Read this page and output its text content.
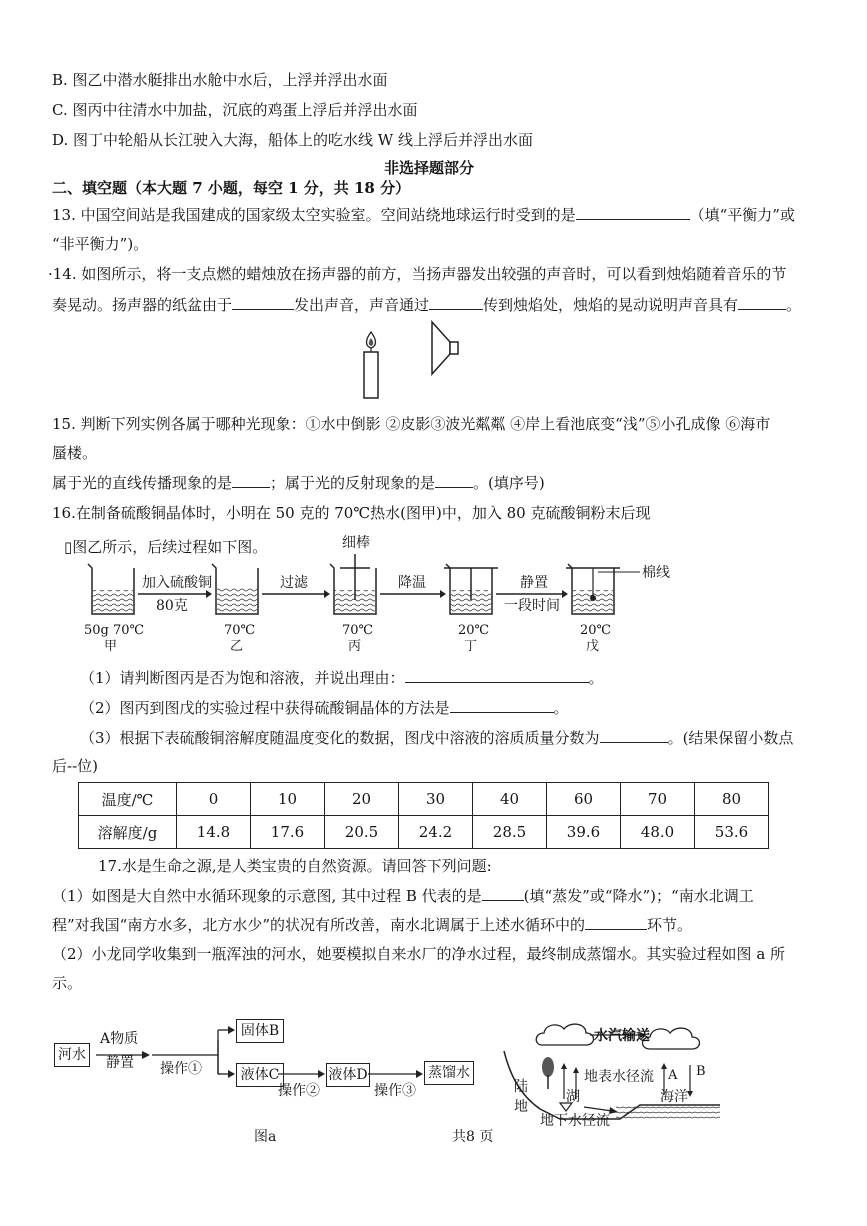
B. 图乙中潜水艇排出水舱中水后，上浮并浮出水面
C. 图丙中往清水中加盐，沉底的鸡蛋上浮后并浮出水面
D. 图丁中轮船从长江驶入大海，船体上的吃水线 W 线上浮后并浮出水面
非选择题部分
二、填空题（本大题 7 小题，每空 1 分，共 18 分）
13. 中国空间站是我国建成的国家级太空实验室。空间站绕地球运行时受到的是	（填“平衡力”或
“非平衡力”)。
·14. 如图所示，将一支点燃的蜡烛放在扬声器的前方，当扬声器发出较强的声音时，可以看到烛焰随着音乐的节
奏晃动。扬声器的纸盆由于	发出声音，声音通过	传到烛焰处，烛焰的晃动说明声音具有	。
15. 判断下列实例各属于哪种光现象：①水中倒影 ②皮影③波光粼粼 ④岸上看池底变“浅”⑤小孔成像 ⑥海市
蜃楼。
属于光的直线传播现象的是	；属于光的反射现象的是	。(填序号)
16.在制备硫酸铜晶体时，小明在 50 克的 70℃热水(图甲)中，加入 80 克硫酸铜粉末后现
▯图乙所示，后续过程如下图。
加入硫酸铜
80克
过滤	降温	静置
一段时间
细棒
棉线
50g 70℃
甲
70℃
乙
70℃
丙
20℃
丁
20℃
戊
（1）请判断图丙是否为饱和溶液，并说出理由：	。
（2）图丙到图戊的实验过程中获得硫酸铜晶体的方法是	。
（3）根据下表硫酸铜溶解度随温度变化的数据，图戊中溶液的溶质质量分数为	。(结果保留小数点
后--位)
温度/℃	0	10	20	30	40	60	70	80
溶解度/g	14.8	17.6	20.5	24.2	28.5	39.6	48.0	53.6
17.水是生命之源,是人类宝贵的自然资源。请回答下列问题:
（1）如图是大自然中水循环现象的示意图, 其中过程 B 代表的是	(填“蒸发”或“降水”)；“南水北调工
程”对我国“南方水多，北方水少”的状况有所改善，南水北调属于上述水循环中的	环节。
（2）小龙同学收集到一瓶浑浊的河水，她要模拟自来水厂的净水过程，最终制成蒸馏水。其实验过程如图 a 所
示。
河水
A物质
静置 操作①
固体B
液体C
操作②
液体D
操作③
蒸馏水
图a	共8 页
水汽输送
陆
地
湖
地表水径流
海洋
地下水径流
A B
